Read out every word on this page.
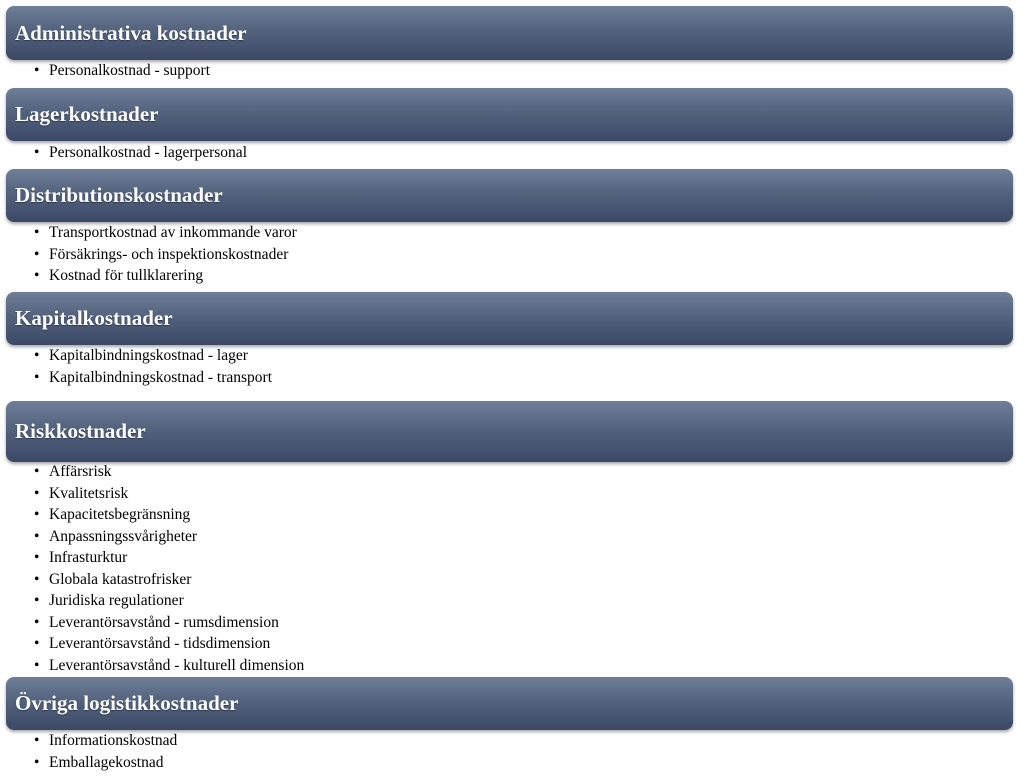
Administrativa kostnader
• Personalkostnad - support
Lagerkostnader
• Personalkostnad - lagerpersonal
Distributionskostnader
• Transportkostnad av inkommande varor
• Försäkrings- och inspektionskostnader
• Kostnad för tullklarering
Kapitalkostnader
• Kapitalbindningskostnad - lager
• Kapitalbindningskostnad - transport
Riskkostnader
• Affärsrisk
• Kvalitetsrisk
• Kapacitetsbegränsning
• Anpassningssvårigheter
• Infrasturktur
• Globala katastrofrisker
• Juridiska regulationer
• Leverantörsavstånd - rumsdimension
• Leverantörsavstånd - tidsdimension
• Leverantörsavstånd - kulturell dimension
Övriga logistikkostnader
• Informationskostnad
• Emballagekostnad
